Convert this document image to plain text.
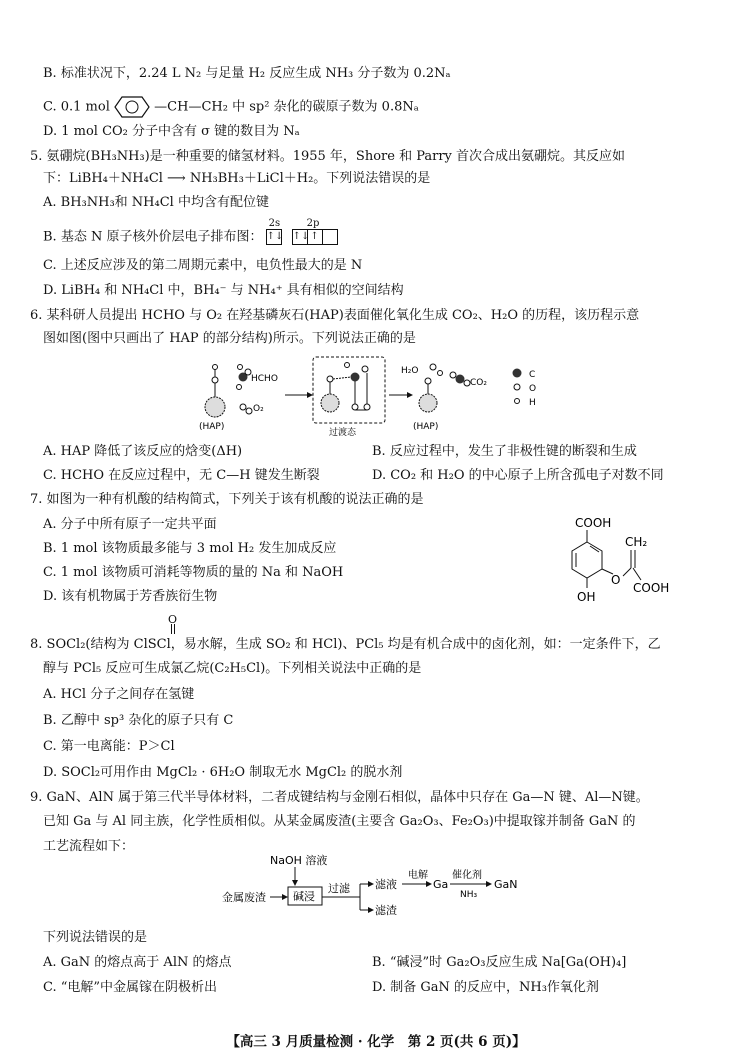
B. 标准状况下，2.24 L N₂ 与足量 H₂ 反应生成 NH₃ 分子数为 0.2Nₐ
C. 0.1 mol	—CH—CH₂ 中 sp² 杂化的碳原子数为 0.8Nₐ
D. 1 mol CO₂ 分子中含有 σ 键的数目为 Nₐ
5. 氨硼烷(BH₃NH₃)是一种重要的储氢材料。1955 年，Shore 和 Parry 首次合成出氨硼烷。其反应如
下：LiBH₄＋NH₄Cl ⟶ NH₃BH₃＋LiCl＋H₂。下列说法错误的是
A. BH₃NH₃和 NH₄Cl 中均含有配位键
B. 基态 N 原子核外价层电子排布图：
2s	2p
↑↓ ↑↓ ↑
C. 上述反应涉及的第二周期元素中，电负性最大的是 N
D. LiBH₄ 和 NH₄Cl 中，BH₄⁻ 与 NH₄⁺ 具有相似的空间结构
6. 某科研人员提出 HCHO 与 O₂ 在羟基磷灰石(HAP)表面催化氧化生成 CO₂、H₂O 的历程，该历程示意
图如图(图中只画出了 HAP 的部分结构)所示。下列说法正确的是
(HAP)
HCHO
O₂
过渡态
H₂O
CO₂
(HAP)
C
O
H
A. HAP 降低了该反应的焓变(ΔH)	B. 反应过程中，发生了非极性键的断裂和生成
C. HCHO 在反应过程中，无 C—H 键发生断裂	D. CO₂ 和 H₂O 的中心原子上所含孤电子对数不同
7. 如图为一种有机酸的结构简式，下列关于该有机酸的说法正确的是
A. 分子中所有原子一定共平面
B. 1 mol 该物质最多能与 3 mol H₂ 发生加成反应
C. 1 mol 该物质可消耗等物质的量的 Na 和 NaOH
D. 该有机物属于芳香族衍生物
COOH
OH
O
CH₂
COOH
O
8. SOCl₂(结构为 ClSCl，易水解，生成 SO₂ 和 HCl)、PCl₅ 均是有机合成中的卤化剂，如：一定条件下，乙
醇与 PCl₅ 反应可生成氯乙烷(C₂H₅Cl)。下列相关说法中正确的是
A. HCl 分子之间存在氢键
B. 乙醇中 sp³ 杂化的原子只有 C
C. 第一电离能：P＞Cl
D. SOCl₂可用作由 MgCl₂ · 6H₂O 制取无水 MgCl₂ 的脱水剂
9. GaN、AlN 属于第三代半导体材料，二者成键结构与金刚石相似，晶体中只存在 Ga—N 键、Al—N键。
已知 Ga 与 Al 同主族，化学性质相似。从某金属废渣(主要含 Ga₂O₃、Fe₂O₃)中提取镓并制备 GaN 的
工艺流程如下：
NaOH 溶液
金属废渣 碱浸
过滤 滤液
滤渣
电解
Ga
催化剂
NH₃
GaN
下列说法错误的是
A. GaN 的熔点高于 AlN 的熔点	B. “碱浸”时 Ga₂O₃反应生成 Na[Ga(OH)₄]
C. “电解”中金属镓在阴极析出	D. 制备 GaN 的反应中，NH₃作氧化剂
【高三 3 月质量检测 · 化学　第 2 页(共 6 页)】
